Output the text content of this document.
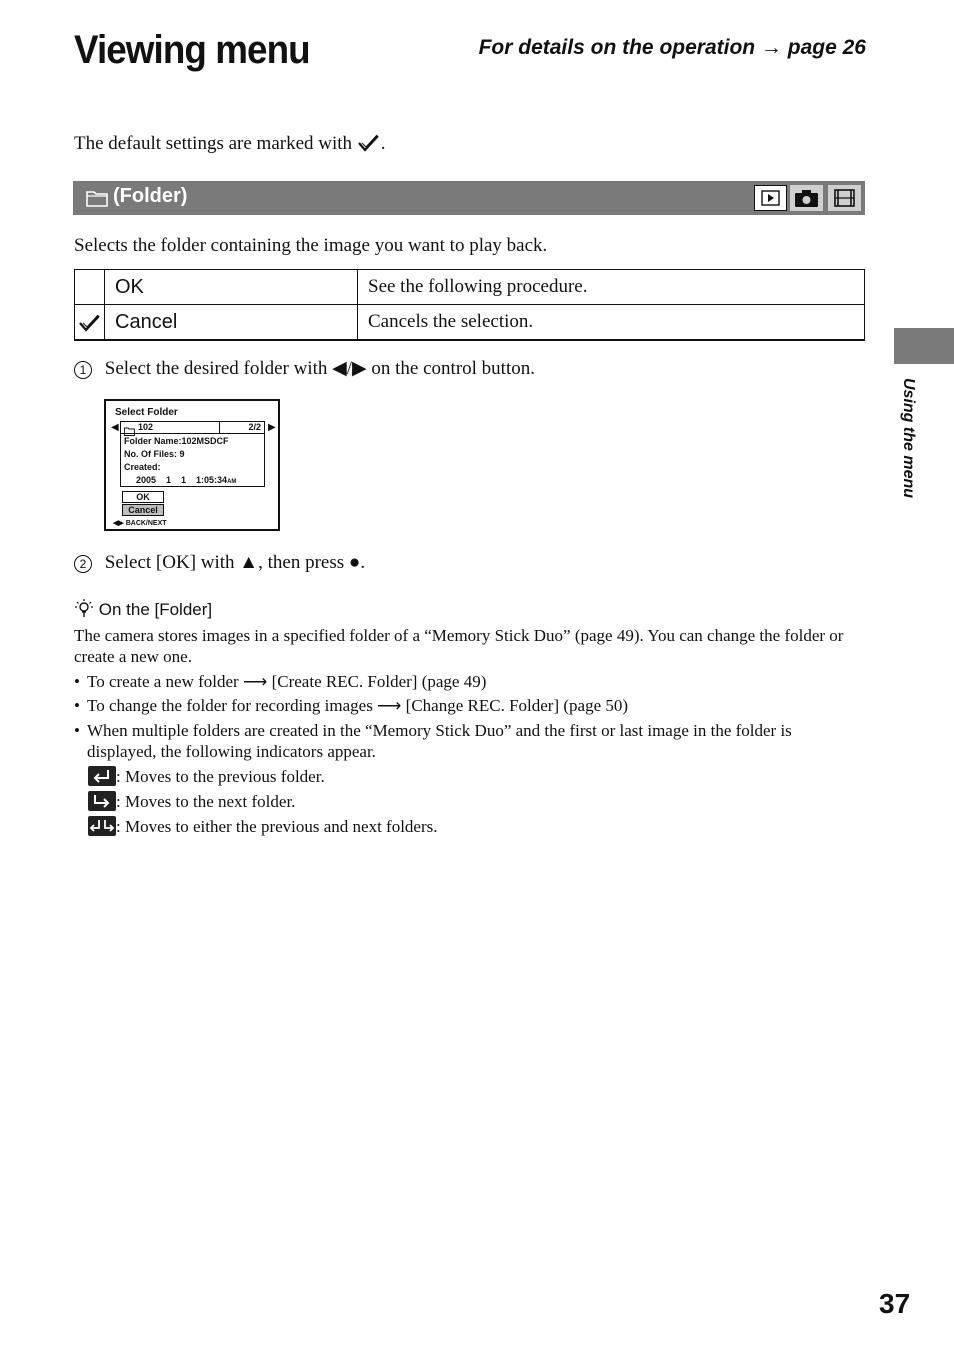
Viewing menu	For details on the operation → page 26
The default settings are marked with .
(Folder)
Selects the folder containing the image you want to play back.
	OK	See the following procedure.
	Cancel	Cancels the selection.
1 Select the desired folder with ◀/▶ on the control button.
Select Folder
◀	▶
102	2/2
Folder Name:102MSDCF
No. Of Files: 9
Created:
2005    1    1    1:05:34AM
OK
Cancel
◀▶ BACK/NEXT
2 Select [OK] with ▲, then press ●.
On the [Folder]
The camera stores images in a specified folder of a “Memory Stick Duo” (page 49). You can change the folder or create a new one.
• To create a new folder ⟶ [Create REC. Folder] (page 49)
• To change the folder for recording images ⟶ [Change REC. Folder] (page 50)
• When multiple folders are created in the “Memory Stick Duo” and the first or last image in the folder is displayed, the following indicators appear.
: Moves to the previous folder.
: Moves to the next folder.
: Moves to either the previous and next folders.
Using the menu
37
